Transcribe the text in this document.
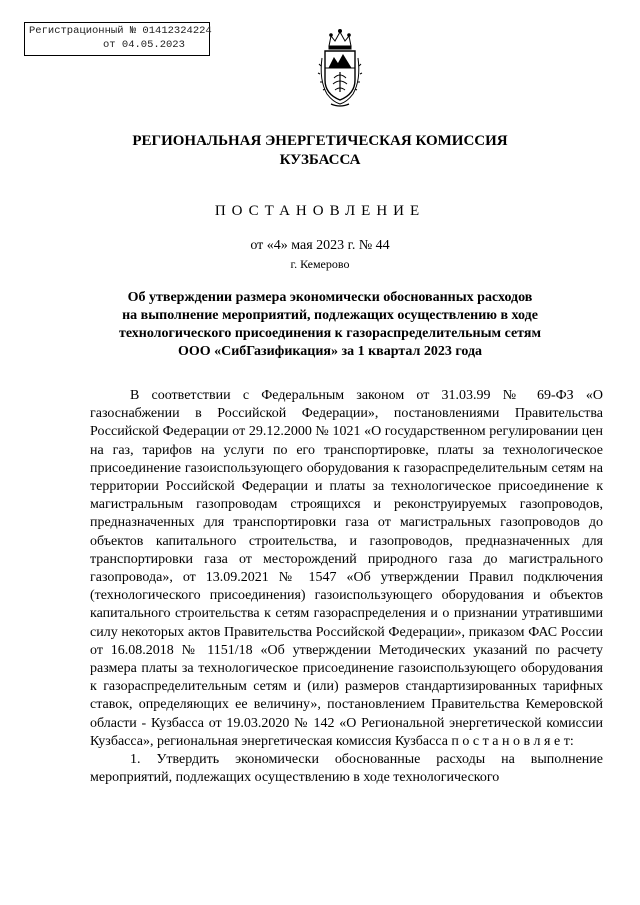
Регистрационный № 01412324224
от 04.05.2023
РЕГИОНАЛЬНАЯ ЭНЕРГЕТИЧЕСКАЯ КОМИССИЯ
КУЗБАССА
ПОСТАНОВЛЕНИЕ
от «4» мая 2023 г. № 44
г. Кемерово
Об утверждении размера экономически обоснованных расходов
на выполнение мероприятий, подлежащих осуществлению в ходе
технологического присоединения к газораспределительным сетям
ООО «СибГазификация» за 1 квартал 2023 года

В соответствии с Федеральным законом от 31.03.99 № 69-ФЗ «О газоснабжении в Российской Федерации», постановлениями Правительства Российской Федерации от 29.12.2000 № 1021 «О государственном регулировании цен на газ, тарифов на услуги по его транспортировке, платы за технологическое присоединение газоиспользующего оборудования к газораспределительным сетям на территории Российской Федерации и платы за технологическое присоединение к магистральным газопроводам строящихся и реконструируемых газопроводов, предназначенных для транспортировки газа от магистральных газопроводов до объектов капитального строительства, и газопроводов, предназначенных для транспортировки газа от месторождений природного газа до магистрального газопровода», от 13.09.2021 № 1547 «Об утверждении Правил подключения (технологического присоединения) газоиспользующего оборудования и объектов капитального строительства к сетям газораспределения и о признании утратившими силу некоторых актов Правительства Российской Федерации», приказом ФАС России от 16.08.2018 № 1151/18 «Об утверждении Методических указаний по расчету размера платы за технологическое присоединение газоиспользующего оборудования к газораспределительным сетям и (или) размеров стандартизированных тарифных ставок, определяющих ее величину», постановлением Правительства Кемеровской области - Кузбасса от 19.03.2020 № 142 «О Региональной энергетической комиссии Кузбасса», региональная энергетическая комиссия Кузбасса п о с т а н о в л я е т:

1. Утвердить экономически обоснованные расходы на выполнение мероприятий, подлежащих осуществлению в ходе технологического
